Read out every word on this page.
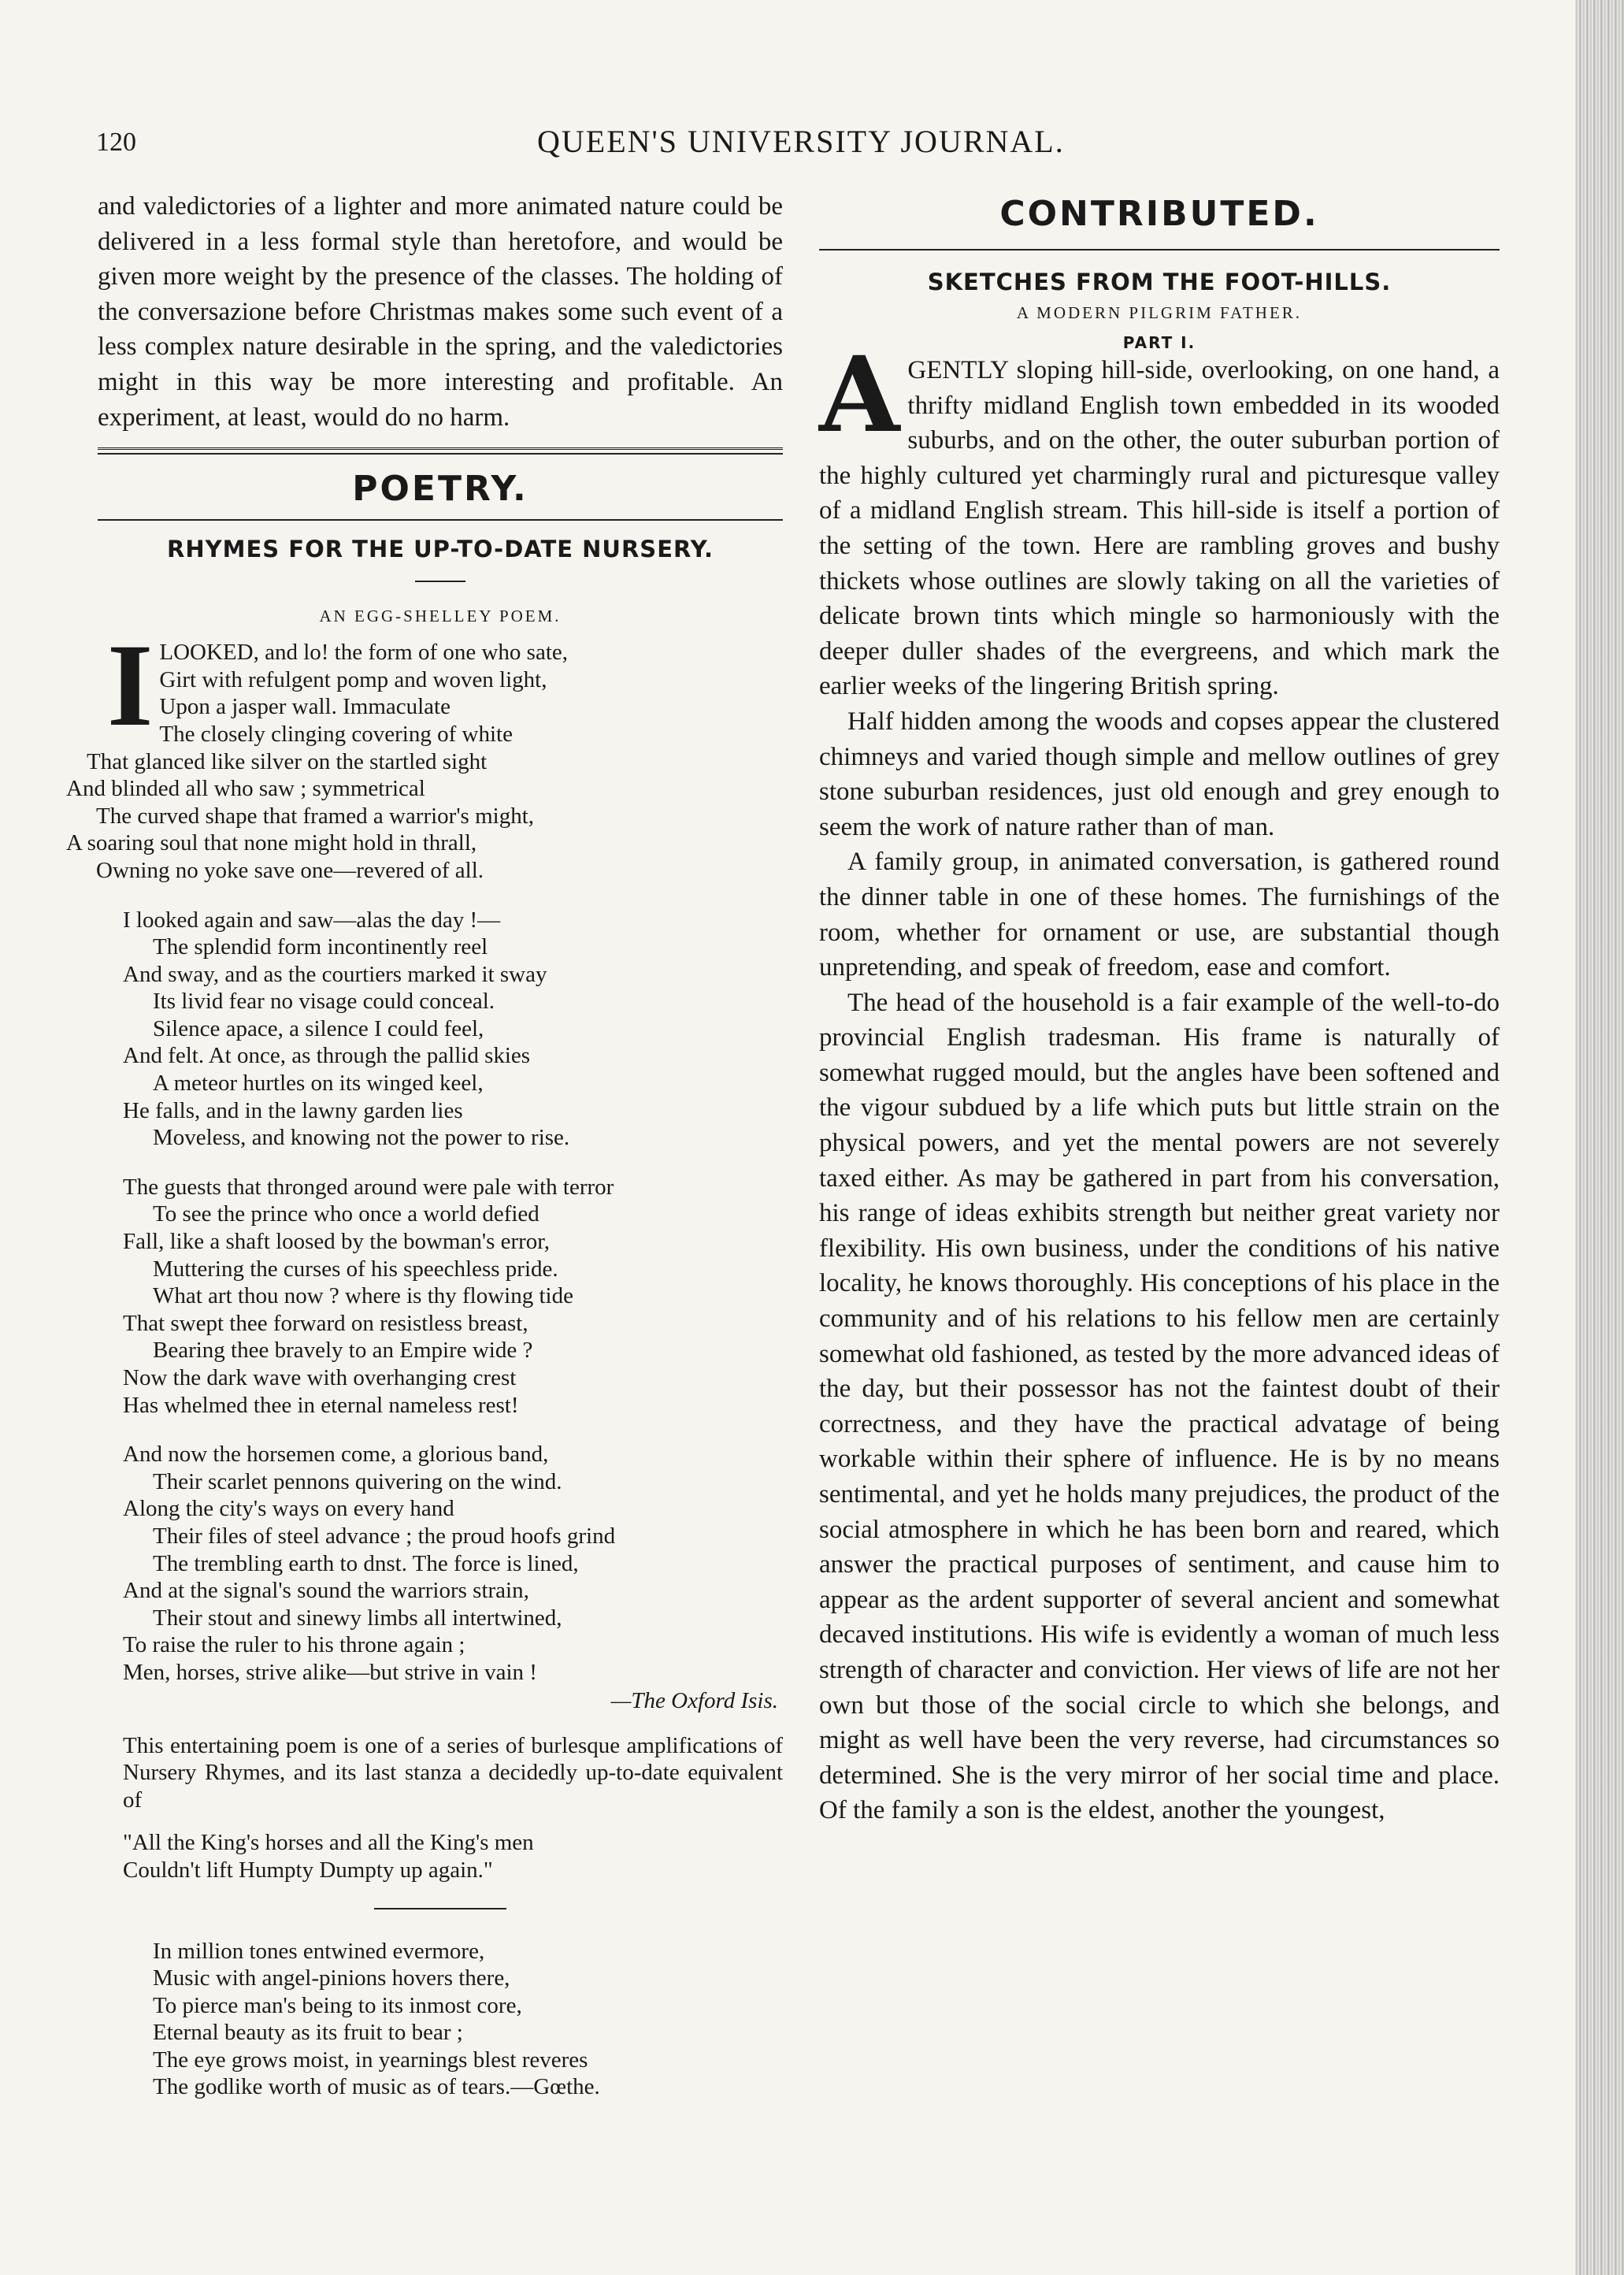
120	QUEEN'S UNIVERSITY JOURNAL.

and valedictories of a lighter and more animated nature could be delivered in a less formal style than heretofore, and would be given more weight by the presence of the classes. The holding of the conversazione before Christmas makes some such event of a less complex nature desirable in the spring, and the valedictories might in this way be more interesting and profitable. An experiment, at least, would do no harm.

POETRY.
RHYMES FOR THE UP-TO-DATE NURSERY.
AN EGG-SHELLEY POEM.
I LOOKED, and lo! the form of one who sate,
Girt with refulgent pomp and woven light,
Upon a jasper wall. Immaculate
The closely clinging covering of white
That glanced like silver on the startled sight
And blinded all who saw ; symmetrical
The curved shape that framed a warrior's might,
A soaring soul that none might hold in thrall,
Owning no yoke save one—revered of all.
I looked again and saw—alas the day !—
The splendid form incontinently reel
And sway, and as the courtiers marked it sway
Its livid fear no visage could conceal.
Silence apace, a silence I could feel,
And felt. At once, as through the pallid skies
A meteor hurtles on its winged keel,
He falls, and in the lawny garden lies
Moveless, and knowing not the power to rise.
The guests that thronged around were pale with terror
To see the prince who once a world defied
Fall, like a shaft loosed by the bowman's error,
Muttering the curses of his speechless pride.
What art thou now ? where is thy flowing tide
That swept thee forward on resistless breast,
Bearing thee bravely to an Empire wide ?
Now the dark wave with overhanging crest
Has whelmed thee in eternal nameless rest!
And now the horsemen come, a glorious band,
Their scarlet pennons quivering on the wind.
Along the city's ways on every hand
Their files of steel advance ; the proud hoofs grind
The trembling earth to dnst. The force is lined,
And at the signal's sound the warriors strain,
Their stout and sinewy limbs all intertwined,
To raise the ruler to his throne again ;
Men, horses, strive alike—but strive in vain !
—The Oxford Isis.

This entertaining poem is one of a series of burlesque amplifications of Nursery Rhymes, and its last stanza a decidedly up-to-date equivalent of

"All the King's horses and all the King's men
Couldn't lift Humpty Dumpty up again."
In million tones entwined evermore,
Music with angel-pinions hovers there,
To pierce man's being to its inmost core,
Eternal beauty as its fruit to bear ;
The eye grows moist, in yearnings blest reveres
The godlike worth of music as of tears.—Gœthe.
CONTRIBUTED.
SKETCHES FROM THE FOOT-HILLS.
A MODERN PILGRIM FATHER.
PART I.

A GENTLY sloping hill-side, overlooking, on one hand, a thrifty midland English town embedded in its wooded suburbs, and on the other, the outer suburban portion of the highly cultured yet charmingly rural and picturesque valley of a midland English stream. This hill-side is itself a portion of the setting of the town. Here are rambling groves and bushy thickets whose outlines are slowly taking on all the varieties of delicate brown tints which mingle so harmoniously with the deeper duller shades of the evergreens, and which mark the earlier weeks of the lingering British spring.

Half hidden among the woods and copses appear the clustered chimneys and varied though simple and mellow outlines of grey stone suburban residences, just old enough and grey enough to seem the work of nature rather than of man.

A family group, in animated conversation, is gathered round the dinner table in one of these homes. The furnishings of the room, whether for ornament or use, are substantial though unpretending, and speak of freedom, ease and comfort.

The head of the household is a fair example of the well-to-do provincial English tradesman. His frame is naturally of somewhat rugged mould, but the angles have been softened and the vigour subdued by a life which puts but little strain on the physical powers, and yet the mental powers are not severely taxed either. As may be gathered in part from his conversation, his range of ideas exhibits strength but neither great variety nor flexibility. His own business, under the conditions of his native locality, he knows thoroughly. His conceptions of his place in the community and of his relations to his fellow men are certainly somewhat old fashioned, as tested by the more advanced ideas of the day, but their possessor has not the faintest doubt of their correctness, and they have the practical advatage of being workable within their sphere of influence. He is by no means sentimental, and yet he holds many prejudices, the product of the social atmosphere in which he has been born and reared, which answer the practical purposes of sentiment, and cause him to appear as the ardent supporter of several ancient and somewhat decaved institutions. His wife is evidently a woman of much less strength of character and conviction. Her views of life are not her own but those of the social circle to which she belongs, and might as well have been the very reverse, had circumstances so determined. She is the very mirror of her social time and place. Of the family a son is the eldest, another the youngest,
